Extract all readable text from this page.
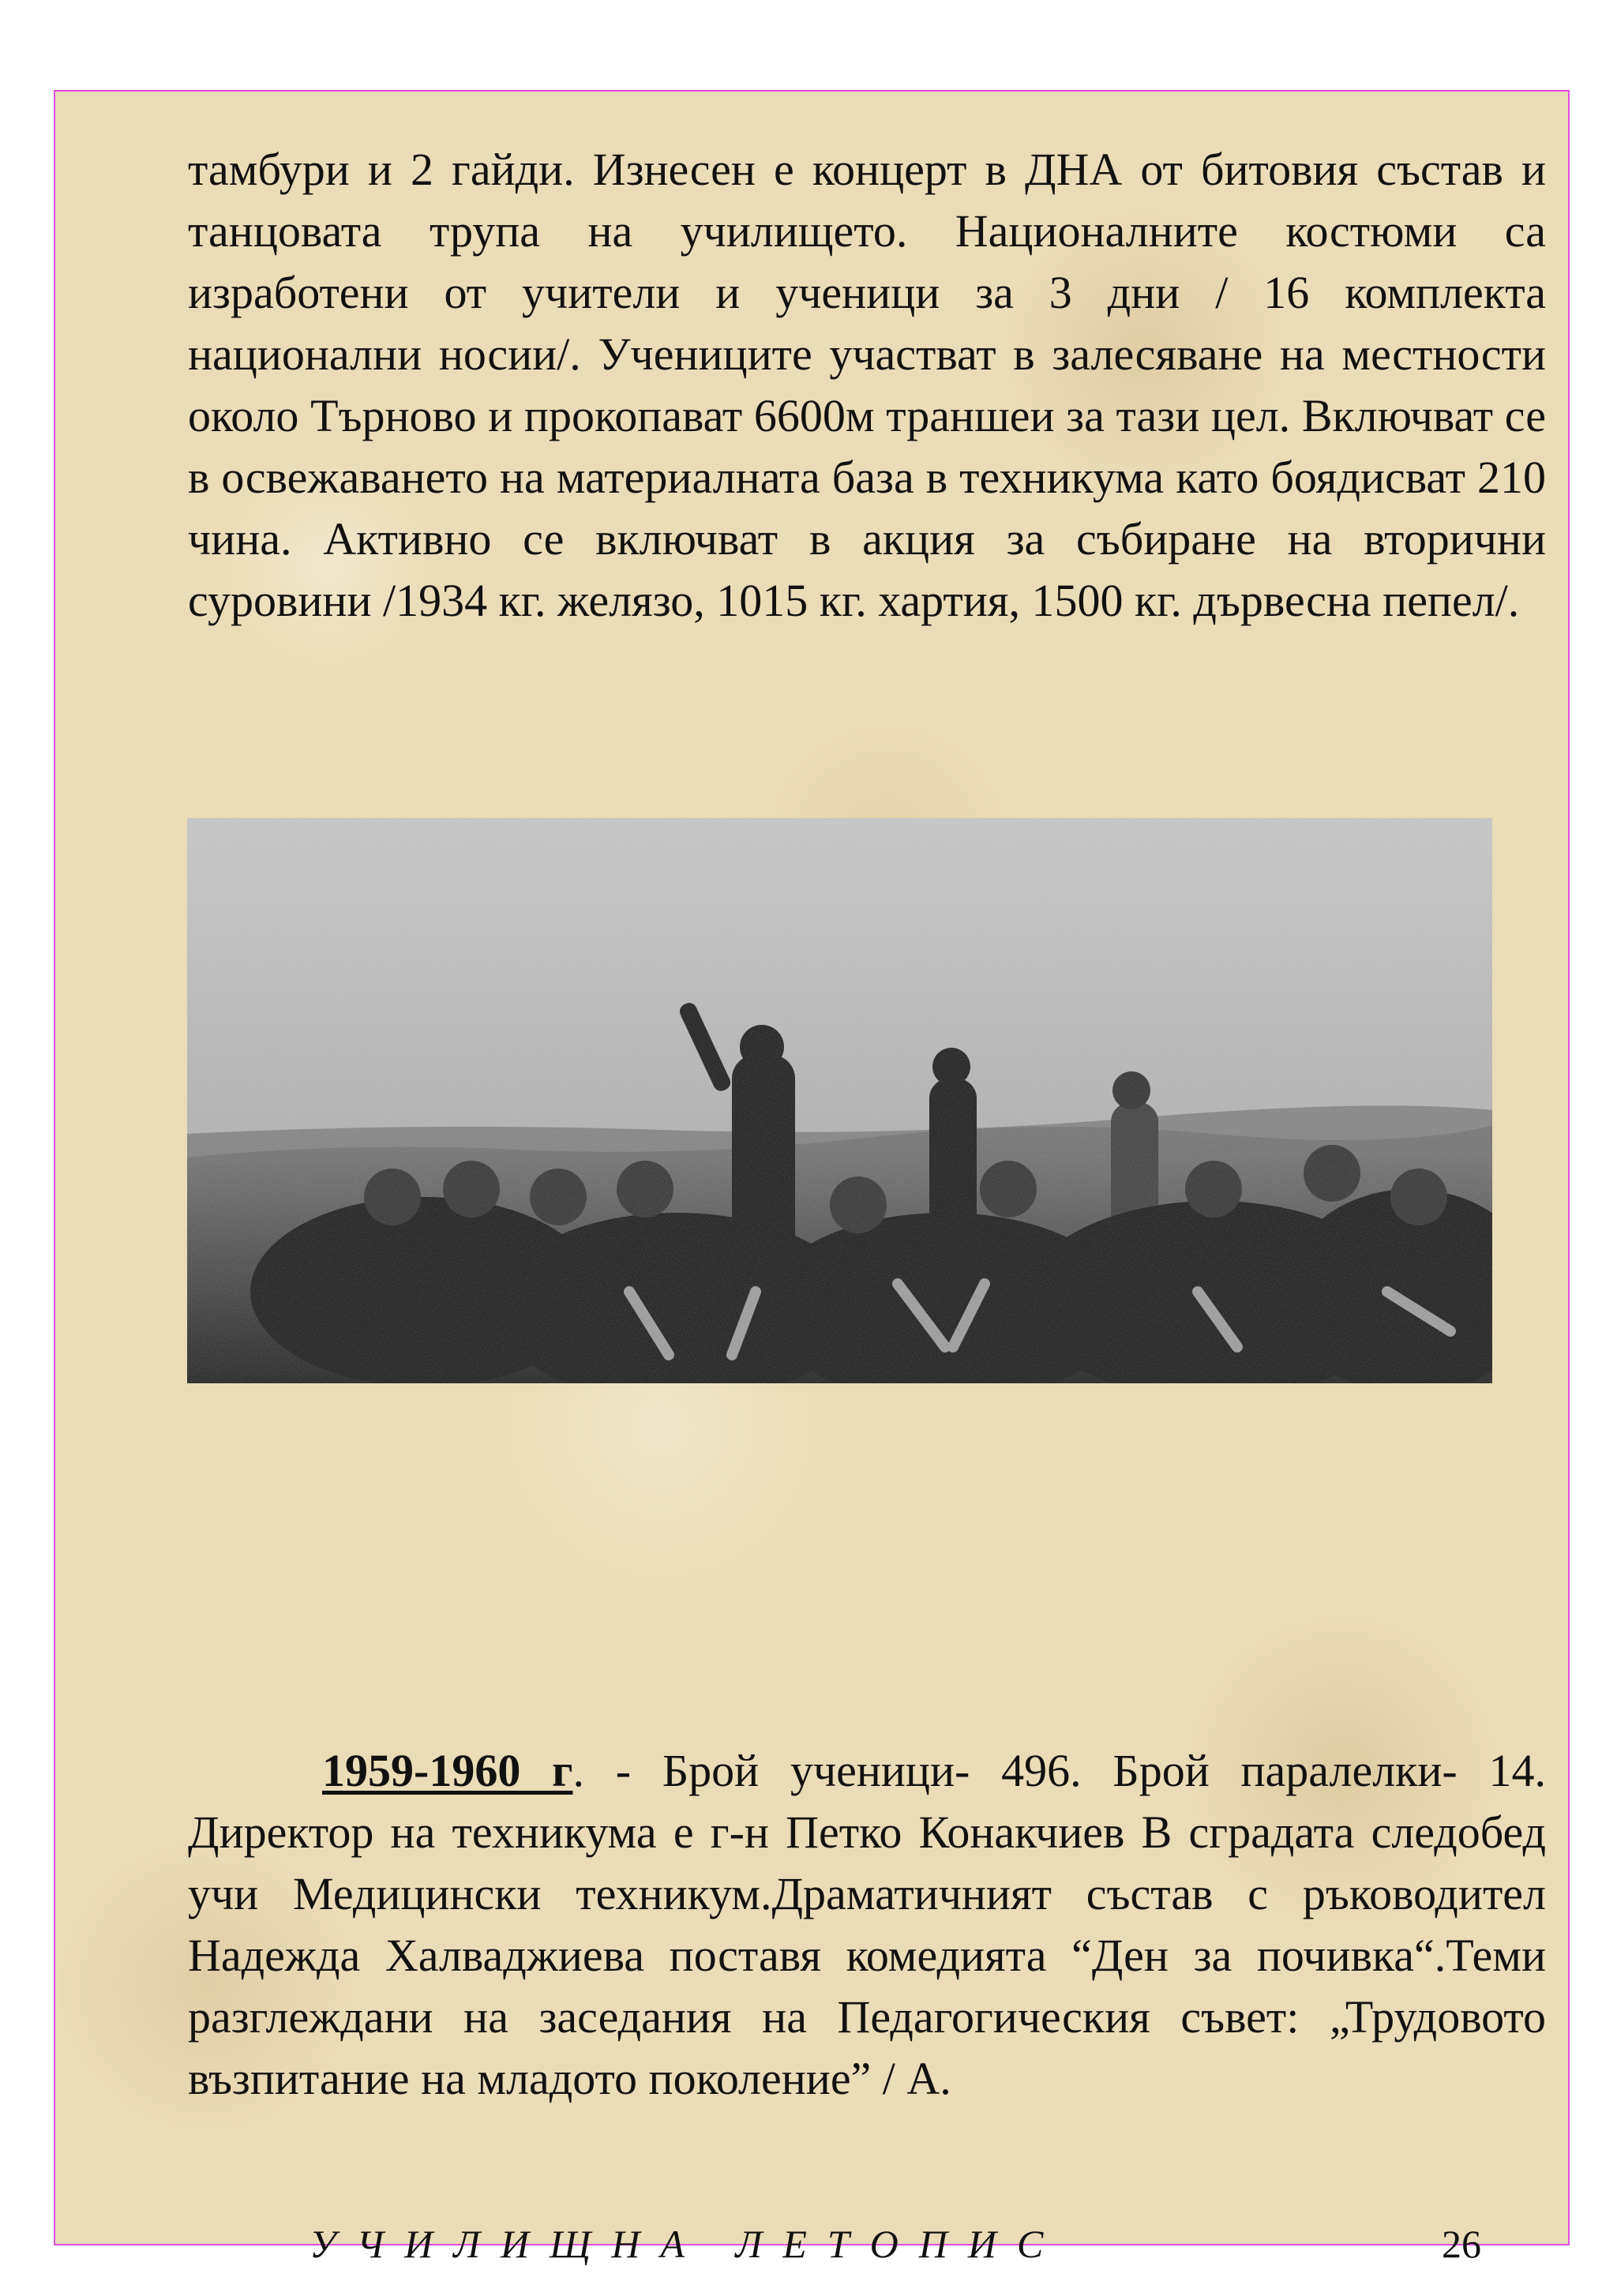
тамбури и 2 гайди. Изнесен е концерт в ДНА от битовия състав и танцовата трупа на училището. Националните костюми са изработени от учители и ученици за 3 дни / 16 комплекта национални носии/. Учениците участват в залесяване на местности около Търново и прокопават 6600м траншеи за тази цел. Включват се в освежаването на материалната база в техникума като боядисват 210 чина. Активно се включват в акция за събиране на вторични суровини /1934 кг. желязо, 1015 кг. хартия, 1500 кг. дървесна пепел/.

1959-1960 г. - Брой ученици- 496. Брой паралелки- 14. Директор на техникума е г-н Петко Конакчиев В сградата следобед учи Медицински техникум.Драматичният състав с ръководител Надежда Халваджиева поставя комедията “Ден за почивка“.Теми разглеждани на заседания на Педагогическия съвет: „Трудовото възпитание на младото поколение” / А.

УЧИЛИЩНА ЛЕТОПИС	26
